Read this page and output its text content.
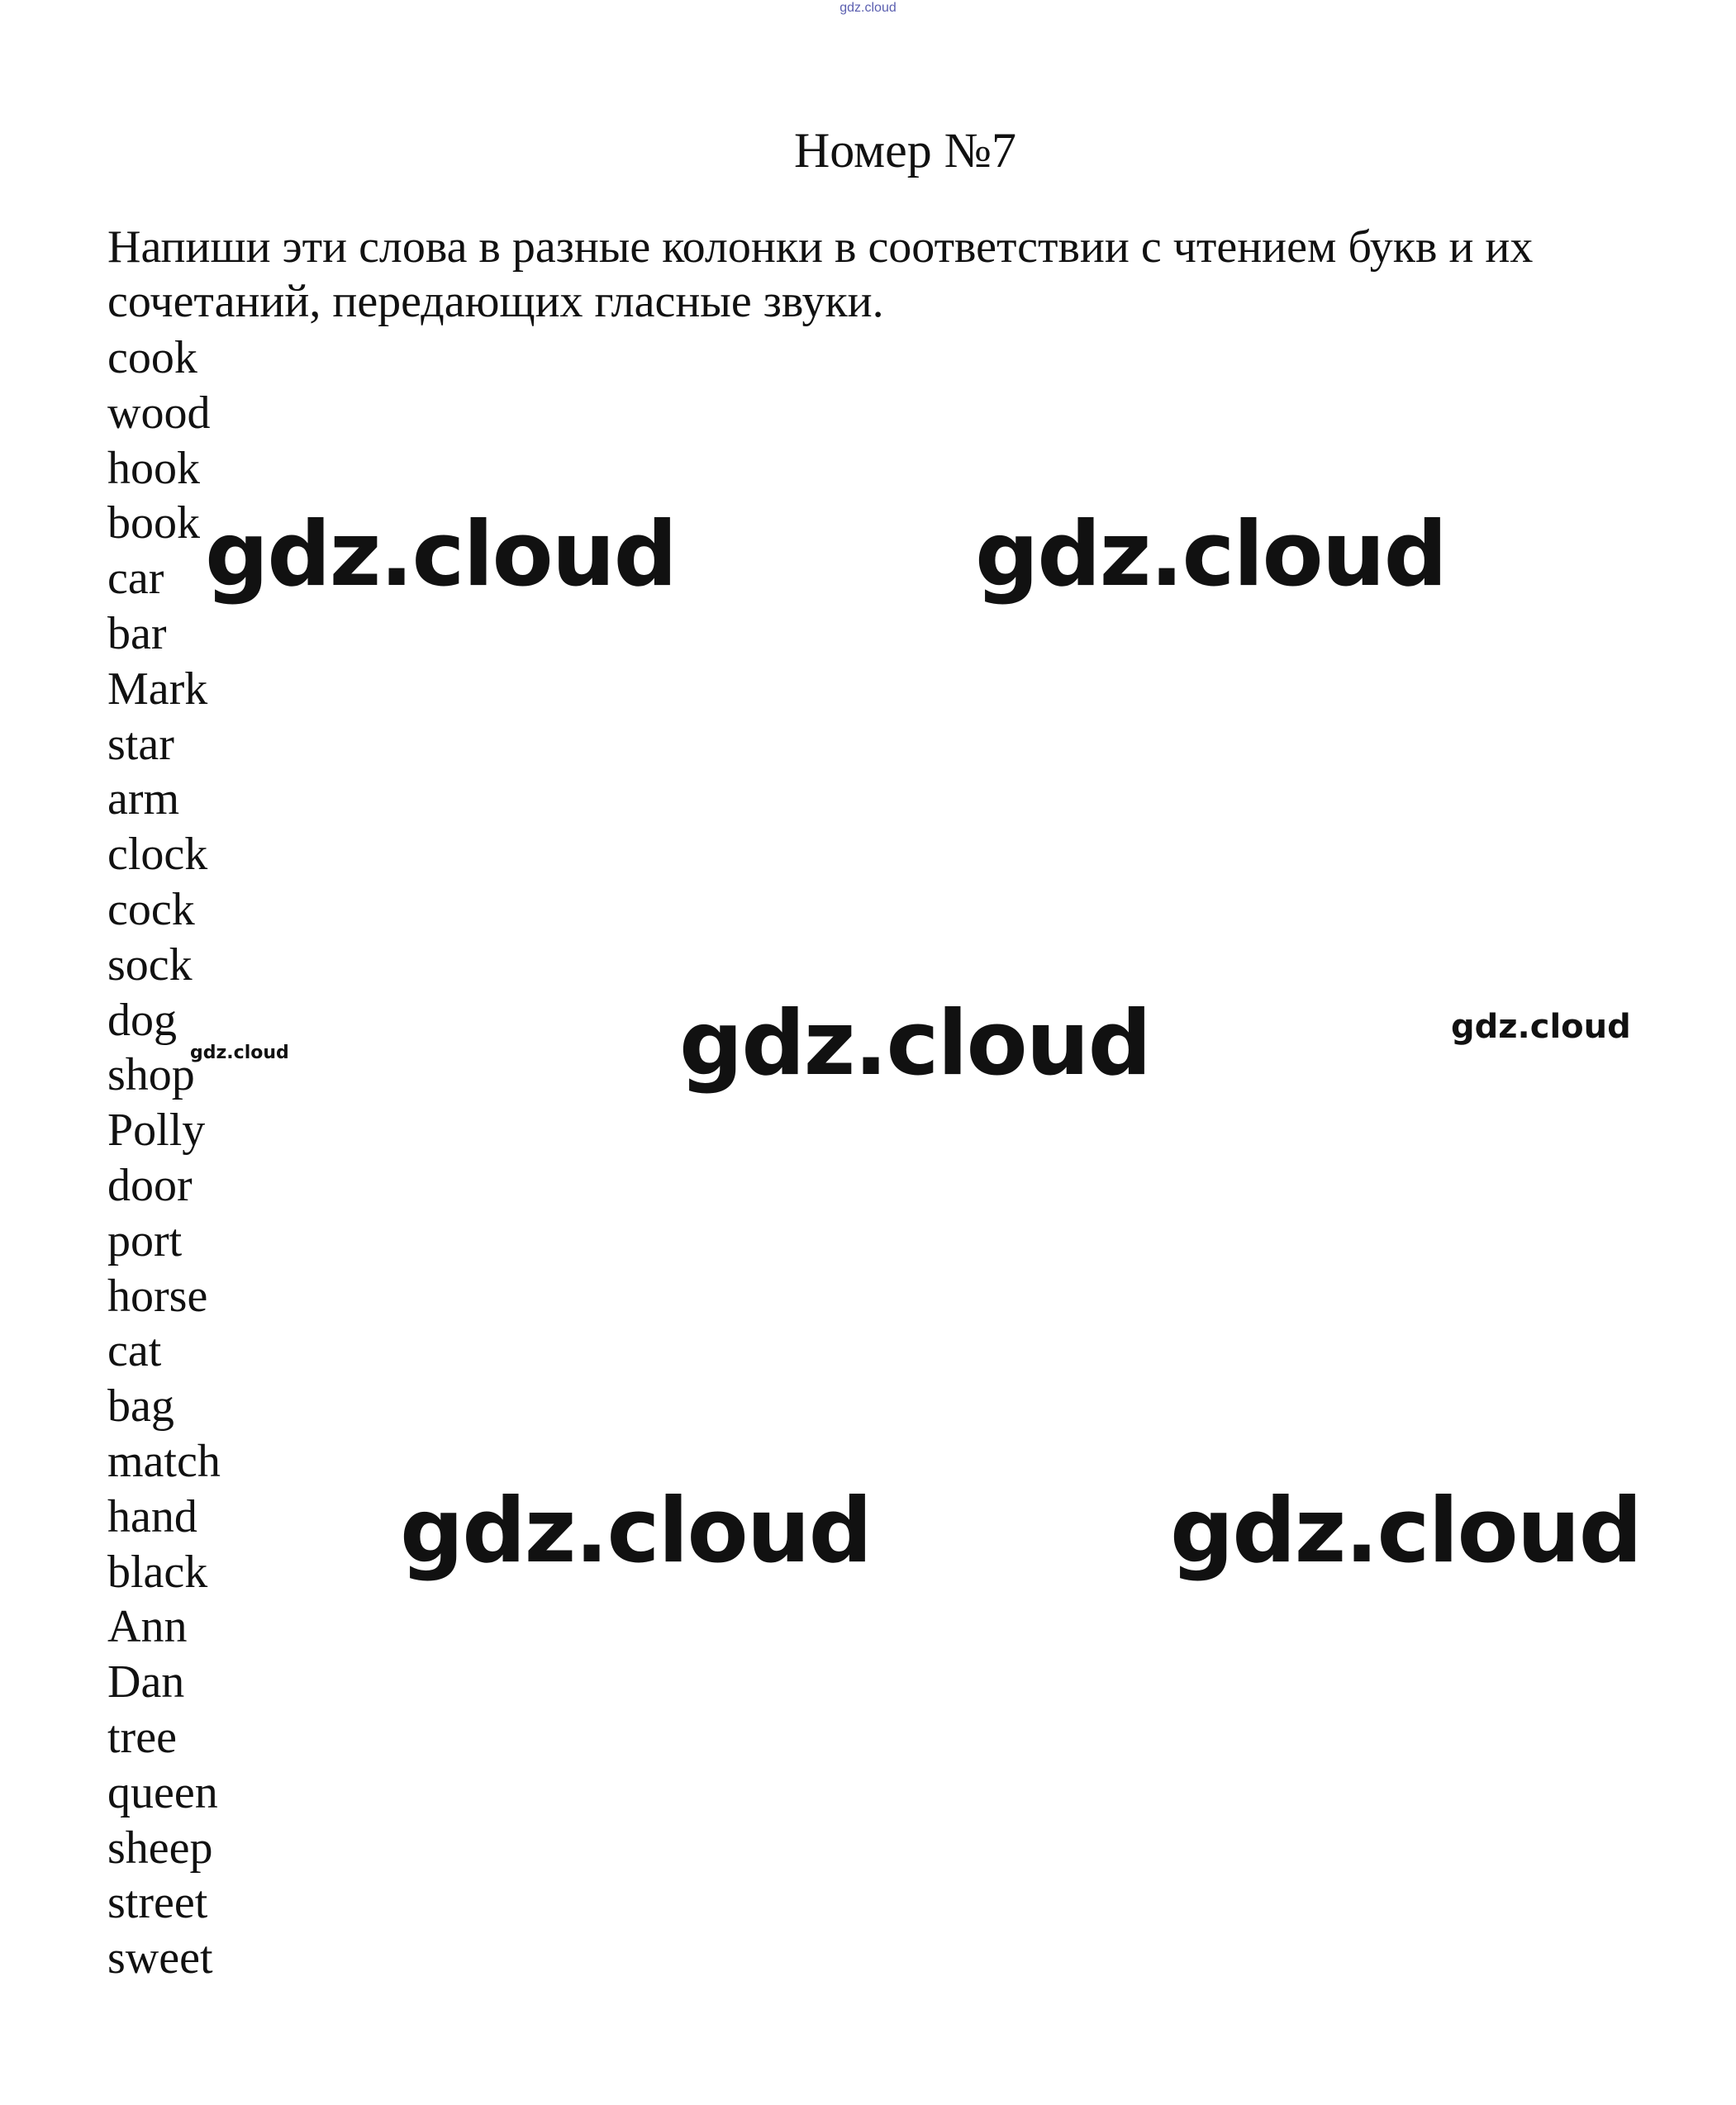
gdz.cloud
Номер №7
Напиши эти слова в разные колонки в соответствии с чтением букв и их сочетаний, передающих гласные звуки.
cook
wood
hook
book
car
bar
Mark
star
arm
clock
cock
sock
dog
shop
Polly
door
port
horse
cat
bag
match
hand
black
Ann
Dan
tree
queen
sheep
street
sweet
gdz.cloud	gdz.cloud
gdz.cloud
gdz.cloud	gdz.cloud
gdz.cloud
gdz.cloud
